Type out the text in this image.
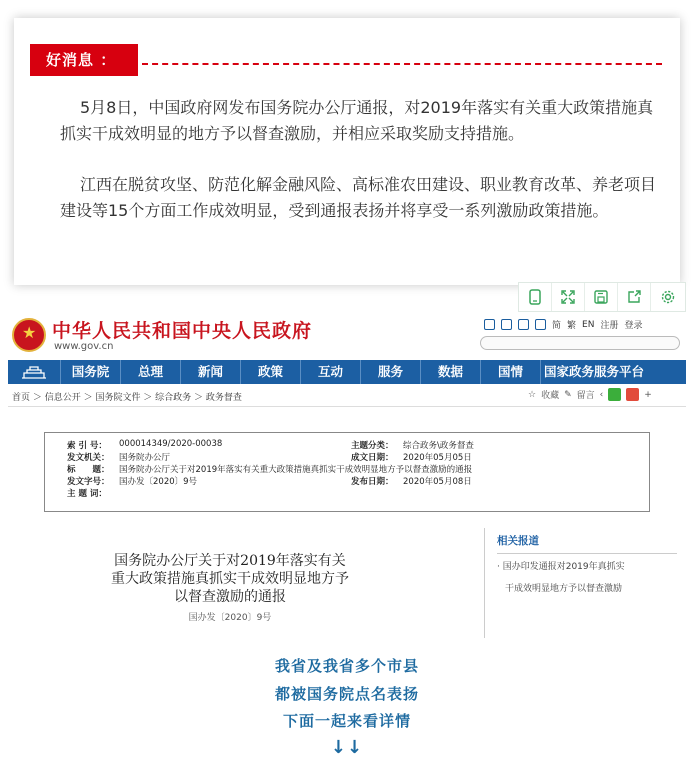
好消息 ：
5月8日，中国政府网发布国务院办公厅通报，对2019年落实有关重大政策措施真抓实干成效明显的地方予以督查激励，并相应采取奖励支持措施。
江西在脱贫攻坚、防范化解金融风险、高标准农田建设、职业教育改革、养老项目建设等15个方面工作成效明显，受到通报表扬并将享受一系列激励政策措施。
★
中华人民共和国中央人民政府
www.gov.cn
简 繁 EN 注册 登录
国务院	总理	新闻	政策	互动	服务	数据	国情	国家政务服务平台
首页 ＞ 信息公开 ＞ 国务院文件 ＞ 综合政务 ＞ 政务督查	☆ 收藏 ✎ 留言 ‹	+
索 引 号： 000014349/2020-00038	主题分类： 综合政务\政务督查
发文机关： 国务院办公厅	成文日期： 2020年05月05日
标　　题： 国务院办公厅关于对2019年落实有关重大政策措施真抓实干成效明显地方予以督查激励的通报
发文字号： 国办发〔2020〕9号	发布日期： 2020年05月08日
主 题 词：
国务院办公厅关于对2019年落实有关重大政策措施真抓实干成效明显地方予以督查激励的通报
国办发〔2020〕9号
相关报道
· 国办印发通报对2019年真抓实
干成效明显地方予以督查激励
我省及我省多个市县
都被国务院点名表扬
下面一起来看详情
↓↓
